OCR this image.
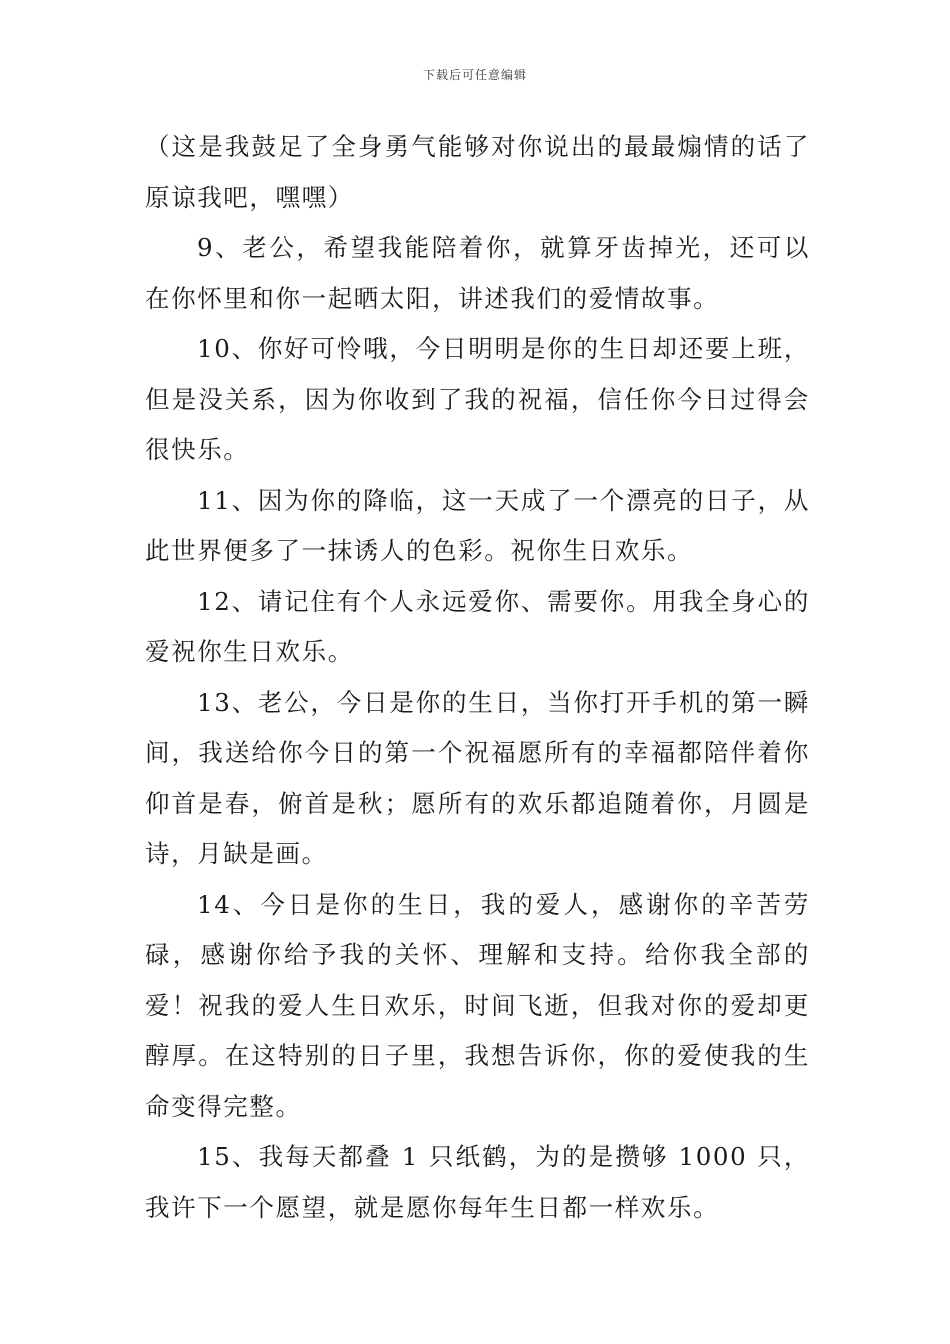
下载后可任意编辑

（这是我鼓足了全身勇气能够对你说出的最最煽情的话了原谅我吧，嘿嘿）

9、老公，希望我能陪着你，就算牙齿掉光，还可以在你怀里和你一起晒太阳，讲述我们的爱情故事。

10、你好可怜哦，今日明明是你的生日却还要上班，但是没关系，因为你收到了我的祝福，信任你今日过得会很快乐。

11、因为你的降临，这一天成了一个漂亮的日子，从此世界便多了一抹诱人的色彩。祝你生日欢乐。

12、请记住有个人永远爱你、需要你。用我全身心的爱祝你生日欢乐。

13、老公，今日是你的生日，当你打开手机的第一瞬间，我送给你今日的第一个祝福愿所有的幸福都陪伴着你仰首是春，俯首是秋；愿所有的欢乐都追随着你，月圆是诗，月缺是画。

14、今日是你的生日，我的爱人，感谢你的辛苦劳碌，感谢你给予我的关怀、理解和支持。给你我全部的爱！祝我的爱人生日欢乐，时间飞逝，但我对你的爱却更醇厚。在这特别的日子里，我想告诉你，你的爱使我的生命变得完整。

15、我每天都叠 1 只纸鹤，为的是攒够 1000 只，我许下一个愿望，就是愿你每年生日都一样欢乐。
